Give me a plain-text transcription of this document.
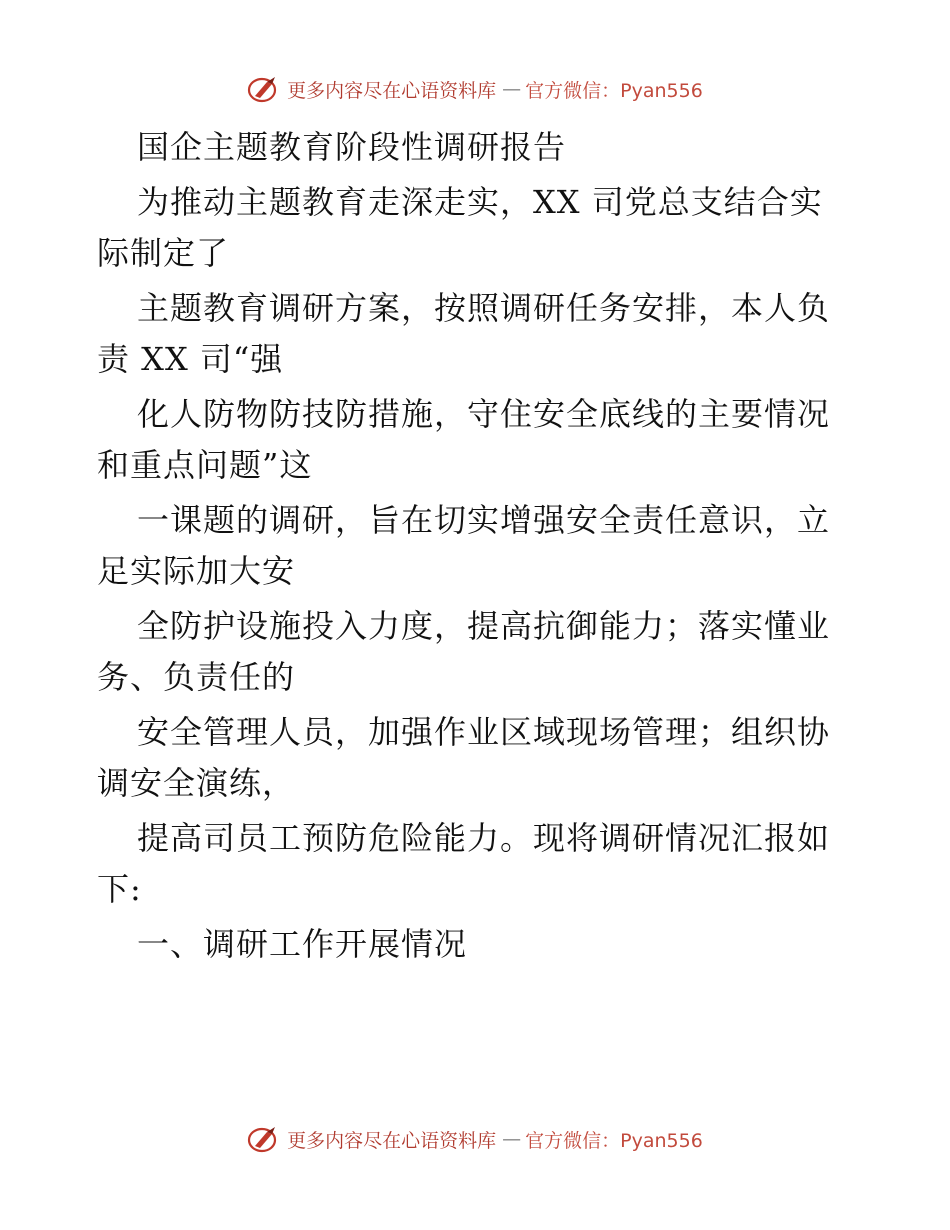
更多内容尽在心语资料库 — 官方微信：Pyan556
国企主题教育阶段性调研报告
为推动主题教育走深走实，XX 司党总支结合实
际制定了
主题教育调研方案，按照调研任务安排，本人负
责 XX 司“强
化人防物防技防措施，守住安全底线的主要情况
和重点问题”这
一课题的调研，旨在切实增强安全责任意识，立
足实际加大安
全防护设施投入力度，提高抗御能力；落实懂业
务、负责任的
安全管理人员，加强作业区域现场管理；组织协
调安全演练，
提高司员工预防危险能力。现将调研情况汇报如
下:
一、调研工作开展情况
更多内容尽在心语资料库 — 官方微信：Pyan556
